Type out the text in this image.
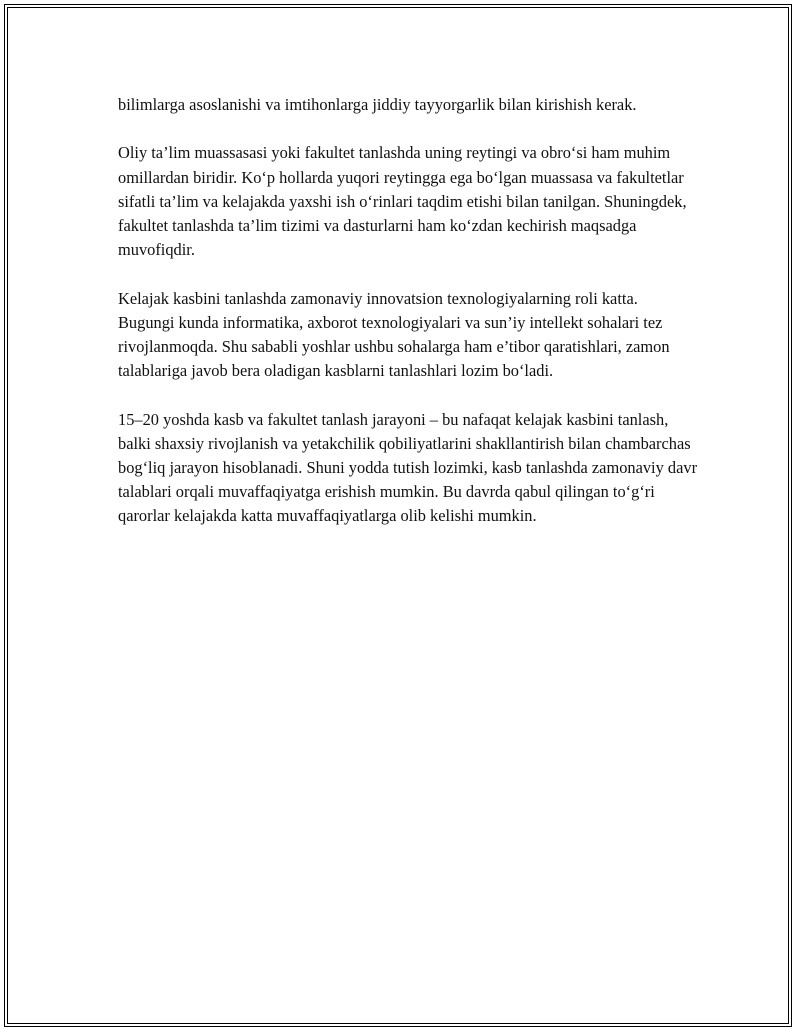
bilimlarga asoslanishi va imtihonlarga jiddiy tayyorgarlik bilan kirishish kerak.

Oliy ta’lim muassasasi yoki fakultet tanlashda uning reytingi va obro‘si ham muhim omillardan biridir. Ko‘p hollarda yuqori reytingga ega bo‘lgan muassasa va fakultetlar sifatli ta’lim va kelajakda yaxshi ish o‘rinlari taqdim etishi bilan tanilgan. Shuningdek, fakultet tanlashda ta’lim tizimi va dasturlarni ham ko‘zdan kechirish maqsadga muvofiqdir.

Kelajak kasbini tanlashda zamonaviy innovatsion texnologiyalarning roli katta. Bugungi kunda informatika, axborot texnologiyalari va sun’iy intellekt sohalari tez rivojlanmoqda. Shu sababli yoshlar ushbu sohalarga ham e’tibor qaratishlari, zamon talablariga javob bera oladigan kasblarni tanlashlari lozim bo‘ladi.

15–20 yoshda kasb va fakultet tanlash jarayoni – bu nafaqat kelajak kasbini tanlash, balki shaxsiy rivojlanish va yetakchilik qobiliyatlarini shakllantirish bilan chambarchas bog‘liq jarayon hisoblanadi. Shuni yodda tutish lozimki, kasb tanlashda zamonaviy davr talablari orqali muvaffaqiyatga erishish mumkin. Bu davrda qabul qilingan to‘g‘ri qarorlar kelajakda katta muvaffaqiyatlarga olib kelishi mumkin.
